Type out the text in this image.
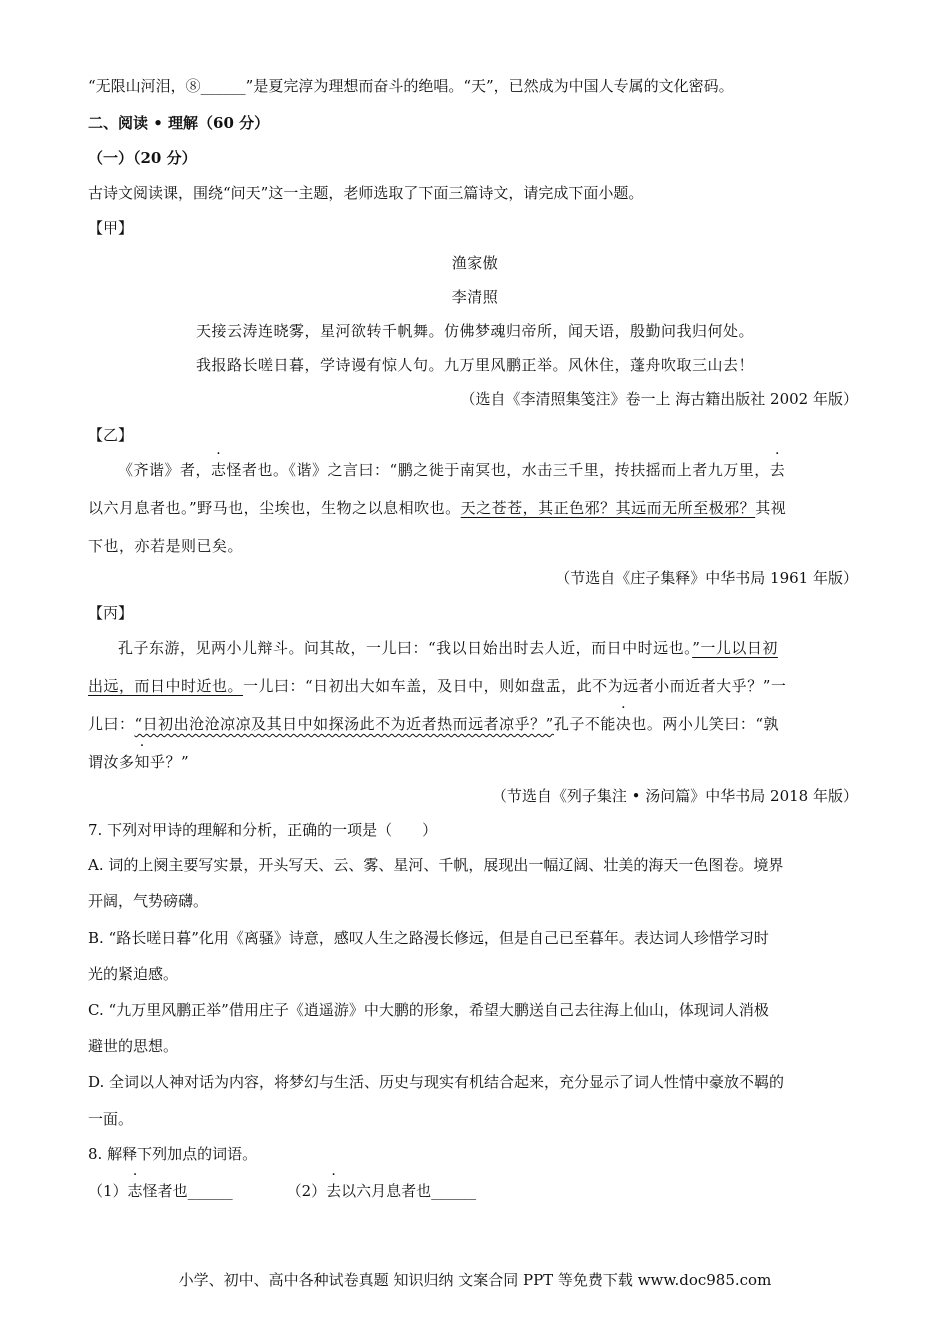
“无限山河泪，⑧______”是夏完淳为理想而奋斗的绝唱。“天”，已然成为中国人专属的文化密码。
二、阅读 • 理解（60 分）
（一）（20 分）
古诗文阅读课，围绕“问天”这一主题，老师选取了下面三篇诗文，请完成下面小题。
【甲】
渔家傲
李清照
天接云涛连晓雾，星河欲转千帆舞。仿佛梦魂归帝所，闻天语，殷勤问我归何处。
我报路长嗟日暮，学诗谩有惊人句。九万里风鹏正举。风休住，蓬舟吹取三山去！
（选自《李清照集笺注》卷一上 海古籍出版社 2002 年版）
【乙】
《齐谐》者，志怪者也。《谐》之言曰：“鹏之徙于南冥也，水击三千里，抟扶摇而上者九万里，去
以六月息者也。”野马也，尘埃也，生物之以息相吹也。天之苍苍，其正色邪？其远而无所至极邪？其视
下也，亦若是则已矣。
（节选自《庄子集释》中华书局 1961 年版）
【丙】
孔子东游，见两小儿辩斗。问其故，一儿曰：“我以日始出时去人近，而日中时远也。”一儿以日初
出远，而日中时近也。一儿曰：“日初出大如车盖，及日中，则如盘盂，此不为远者小而近者大乎？”一
儿曰：“日初出沧沧凉凉及其日中如探汤此不为近者热而远者凉乎？”孔子不能决也。两小儿笑曰：“孰
谓汝多知乎？”
（节选自《列子集注 • 汤问篇》中华书局 2018 年版）
7. 下列对甲诗的理解和分析，正确的一项是（　　）
A. 词的上阕主要写实景，开头写天、云、雾、星河、千帆，展现出一幅辽阔、壮美的海天一色图卷。境界
开阔，气势磅礴。
B. “路长嗟日暮”化用《离骚》诗意，感叹人生之路漫长修远，但是自己已至暮年。表达词人珍惜学习时
光的紧迫感。
C. “九万里风鹏正举”借用庄子《逍遥游》中大鹏的形象，希望大鹏送自己去往海上仙山，体现词人消极
避世的思想。
D. 全词以人神对话为内容，将梦幻与生活、历史与现实有机结合起来，充分显示了词人性情中豪放不羁的
一面。
8. 解释下列加点的词语。
（1）志怪者也______	（2）去以六月息者也______
小学、初中、高中各种试卷真题 知识归纳 文案合同 PPT 等免费下载 www.doc985.com
